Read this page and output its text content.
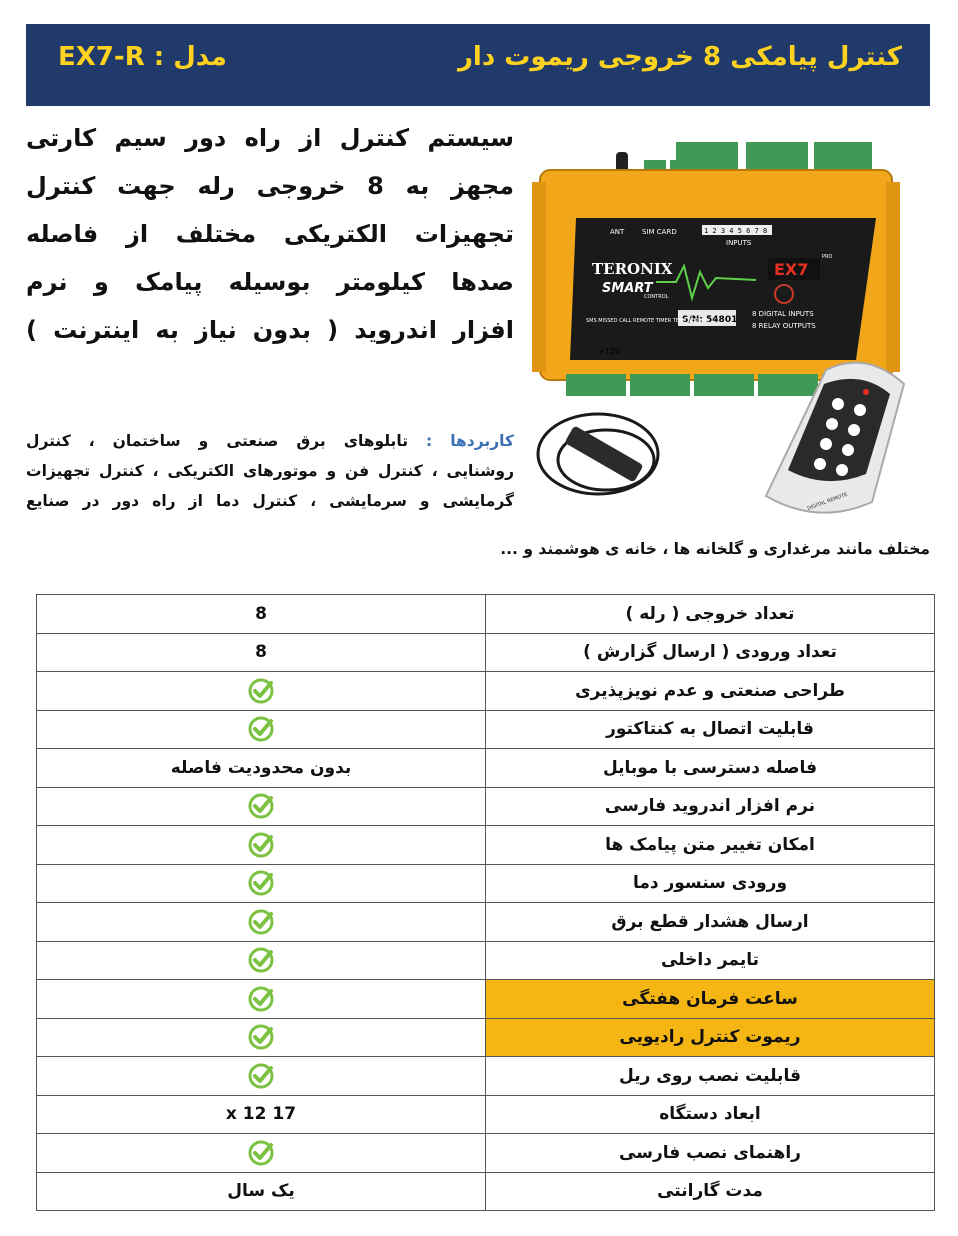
کنترل پیامکی 8 خروجی ریموت دار
مدل : EX7-R
سیستم کنترل از راه دور سیم کارتی
مجهز به 8 خروجی رله جهت کنترل
تجهیزات الکتریکی مختلف از فاصله
صدها کیلومتر بوسیله پیامک و نرم
افزار اندروید ( بدون نیاز به اینترنت )
کاربردها : تابلوهای برق صنعتی و ساختمان ، کنترل
روشنایی ، کنترل فن و موتورهای الکتریکی ، کنترل تجهیزات
گرمایشی و سرمایشی ، کنترل دما از راه دور در صنایع
مختلف مانند مرغداری و گلخانه ها ، خانه ی هوشمند و ...
ANT	SIM CARD	1 2 3 4 5 6 7 8
INPUTS
TERONIX
SMART
CONTROL
EX7
PRO
S/N: 54801
8 DIGITAL INPUTS
8 RELAY OUTPUTS
SMS MISSED CALL REMOTE TIMER TEMP SENSOR
+12V
DIGITAL REMOTE
8	تعداد خروجی ( رله )
8	تعداد ورودی ( ارسال گزارش )
	طراحی صنعتی و عدم نویزپذیری
	قابلیت اتصال به کنتاکتور
بدون محدودیت فاصله	فاصله دسترسی با موبایل
	نرم افزار اندروید فارسی
	امکان تغییر متن پیامک ها
	ورودی سنسور دما
	ارسال هشدار قطع برق
	تایمر داخلی
	ساعت فرمان هفتگی
	ریموت کنترل رادیویی
	قابلیت نصب روی ریل
17 x 12	ابعاد دستگاه
	راهنمای نصب فارسی
یک سال	مدت گارانتی
